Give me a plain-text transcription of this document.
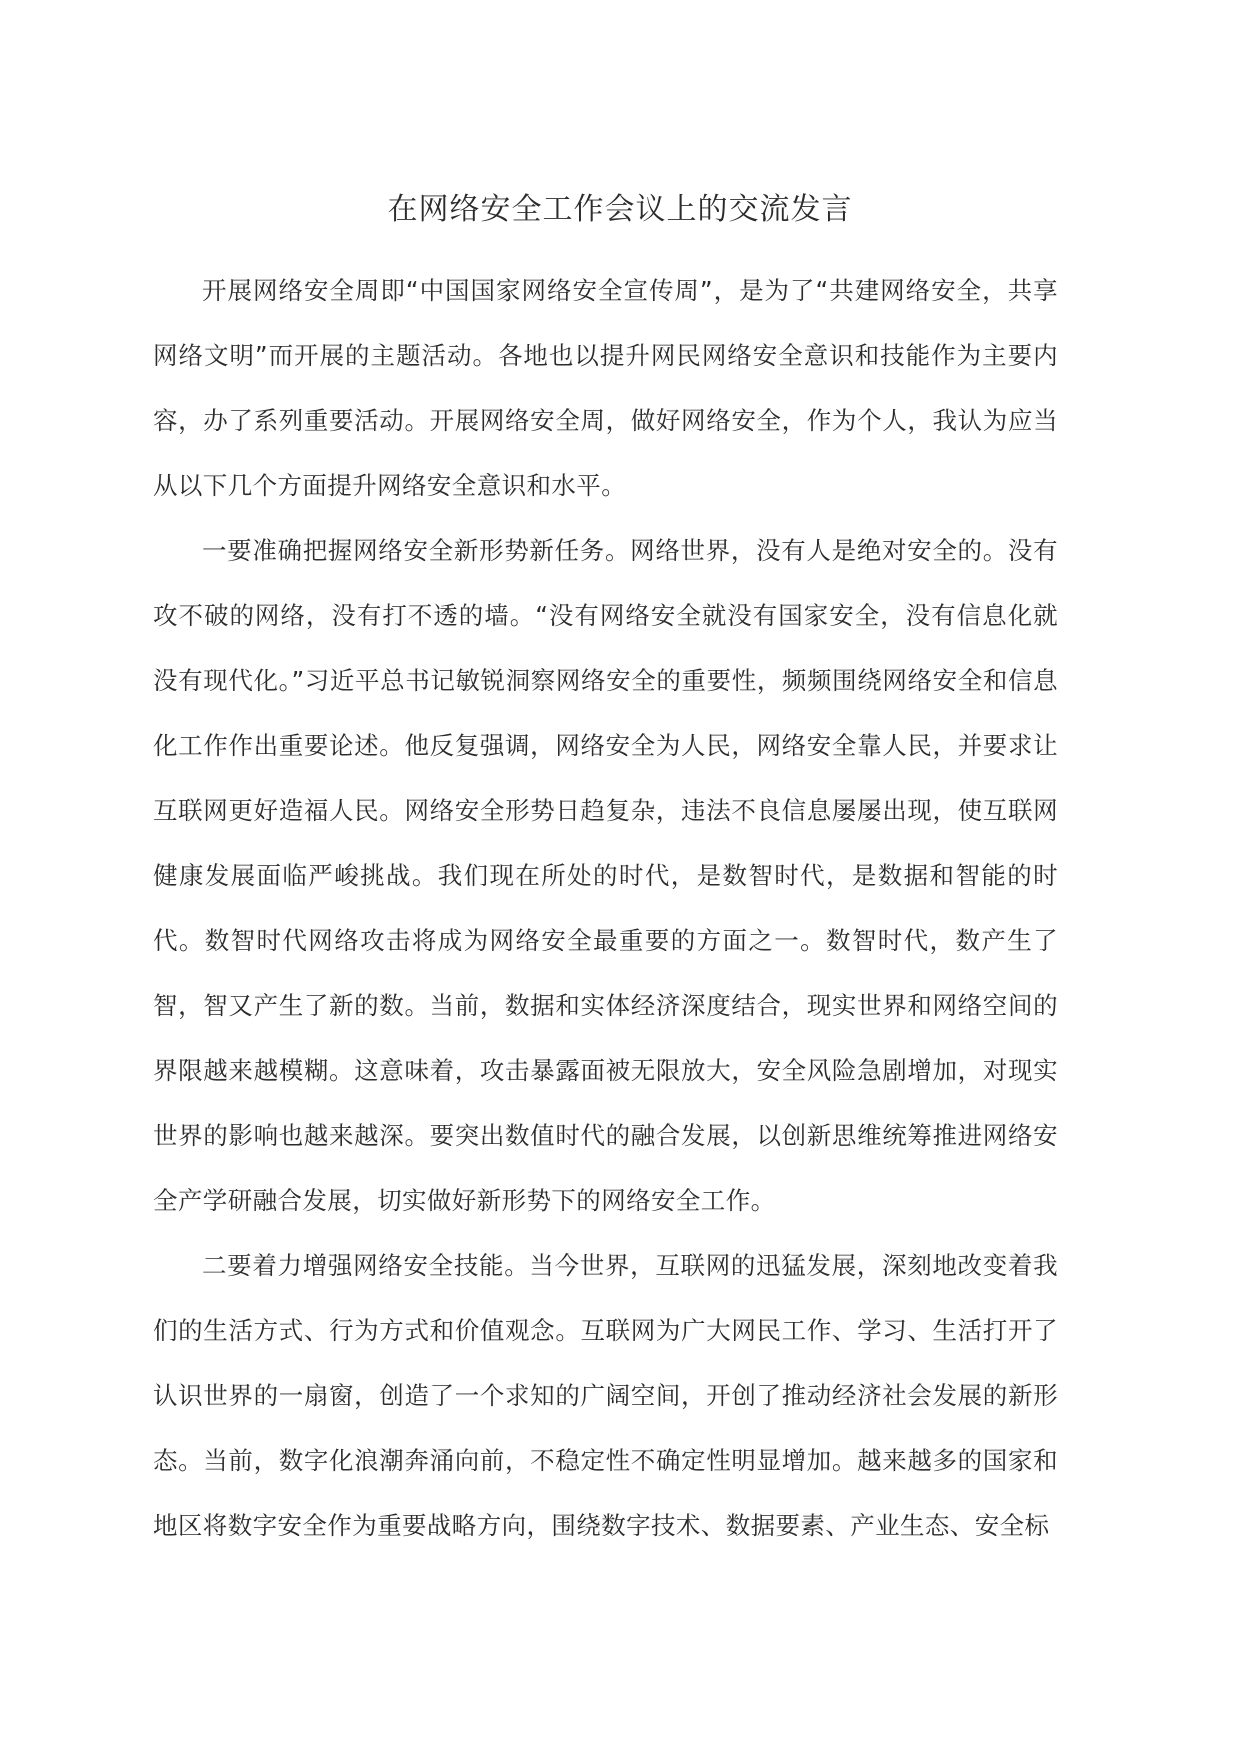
在网络安全工作会议上的交流发言

开展网络安全周即“中国国家网络安全宣传周”，是为了“共建网络安全，共享网络文明”而开展的主题活动。各地也以提升网民网络安全意识和技能作为主要内容，办了系列重要活动。开展网络安全周，做好网络安全，作为个人，我认为应当从以下几个方面提升网络安全意识和水平。

一要准确把握网络安全新形势新任务。网络世界，没有人是绝对安全的。没有攻不破的网络，没有打不透的墙。“没有网络安全就没有国家安全，没有信息化就没有现代化。”习近平总书记敏锐洞察网络安全的重要性，频频围绕网络安全和信息化工作作出重要论述。他反复强调，网络安全为人民，网络安全靠人民，并要求让互联网更好造福人民。网络安全形势日趋复杂，违法不良信息屡屡出现，使互联网健康发展面临严峻挑战。我们现在所处的时代，是数智时代，是数据和智能的时代。数智时代网络攻击将成为网络安全最重要的方面之一。数智时代，数产生了智，智又产生了新的数。当前，数据和实体经济深度结合，现实世界和网络空间的界限越来越模糊。这意味着，攻击暴露面被无限放大，安全风险急剧增加，对现实世界的影响也越来越深。要突出数值时代的融合发展，以创新思维统筹推进网络安全产学研融合发展，切实做好新形势下的网络安全工作。

二要着力增强网络安全技能。当今世界，互联网的迅猛发展，深刻地改变着我们的生活方式、行为方式和价值观念。互联网为广大网民工作、学习、生活打开了认识世界的一扇窗，创造了一个求知的广阔空间，开创了推动经济社会发展的新形态。当前，数字化浪潮奔涌向前，不稳定性不确定性明显增加。越来越多的国家和地区将数字安全作为重要战略方向，围绕数字技术、数据要素、产业生态、安全标
